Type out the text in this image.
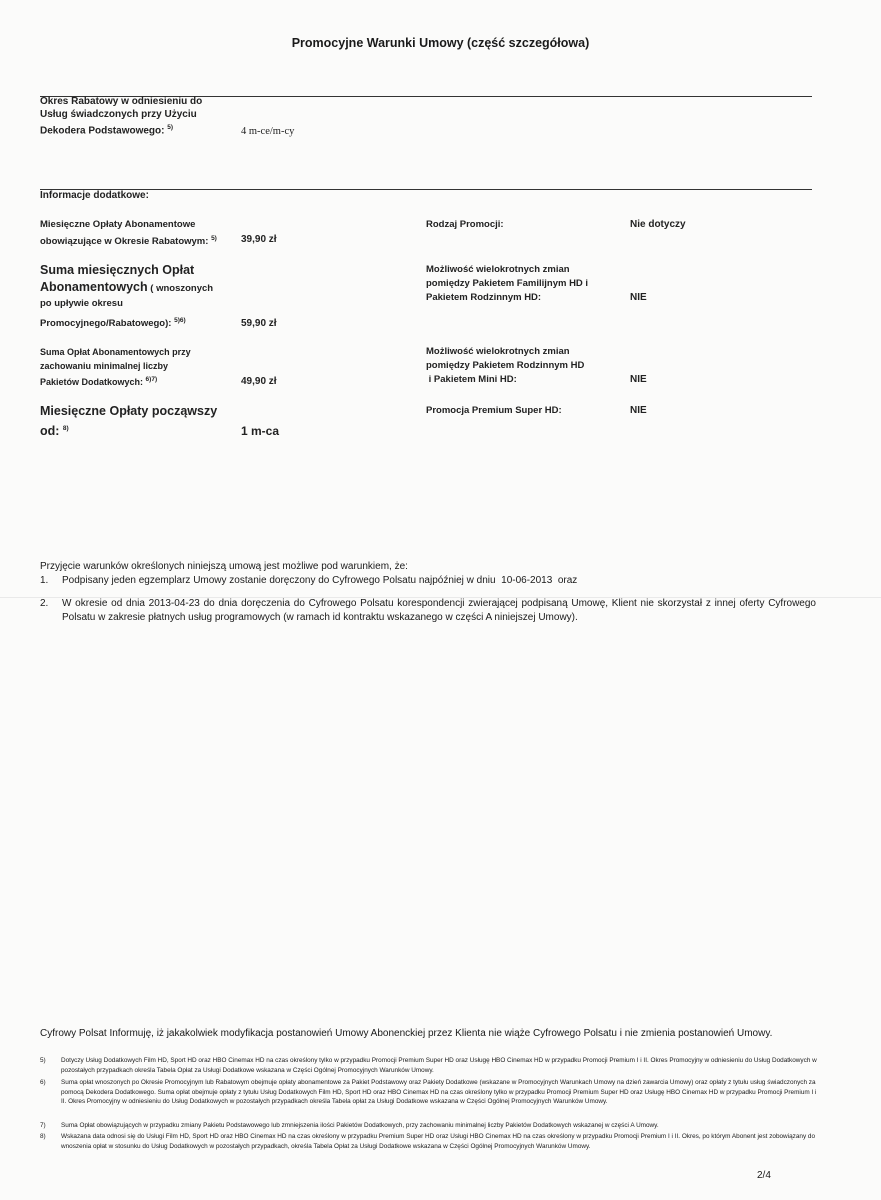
Promocyjne Warunki Umowy (część szczegółowa)
Okres Rabatowy w odniesieniu do
Usług świadczonych przy Użyciu
Dekodera Podstawowego: $^{5)}$	4 m-ce/m-cy
Informacje dodatkowe:
Miesięczne Opłaty Abonamentowe
obowiązujące w Okresie Rabatowym: $^{5)}$	39,90 zł
Suma miesięcznych Opłat
Abonamentowych ( wnoszonych
po upływie okresu
Promocyjnego/Rabatowego): $^{5)6)}$	59,90 zł
Suma Opłat Abonamentowych przy
zachowaniu minimalnej liczby
Pakietów Dodatkowych: $^{6)7)}$	49,90 zł
Miesięczne Opłaty począwszy
od: $^{8)}$	1 m-ca
Rodzaj Promocji:	Nie dotyczy
Możliwość wielokrotnych zmian
pomiędzy Pakietem Familijnym HD i
Pakietem Rodzinnym HD:	NIE
Możliwość wielokrotnych zmian
pomiędzy Pakietem Rodzinnym HD
i Pakietem Mini HD:	NIE
Promocja Premium Super HD:	NIE
Przyjęcie warunków określonych niniejszą umową jest możliwe pod warunkiem, że:
1.	Podpisany jeden egzemplarz Umowy zostanie doręczony do Cyfrowego Polsatu najpóźniej w dniu  10-06-2013  oraz
2.	W okresie od dnia 2013-04-23 do dnia doręczenia do Cyfrowego Polsatu korespondencji zwierającej podpisaną Umowę, Klient nie skorzystał z innej oferty Cyfrowego Polsatu w zakresie płatnych usług programowych (w ramach id kontraktu wskazanego w części A niniejszej Umowy).
Cyfrowy Polsat Informuję, iż jakakolwiek modyfikacja postanowień Umowy Abonenckiej przez Klienta nie wiąże Cyfrowego Polsatu i nie zmienia postanowień Umowy.
5)	Dotyczy Usług Dodatkowych Film HD, Sport HD oraz HBO Cinemax HD na czas określony tylko w przypadku Promocji Premium Super HD oraz Usługę HBO Cinemax HD w przypadku Promocji Premium I i II. Okres Promocyjny w odniesieniu do Usług Dodatkowych w pozostałych przypadkach określa Tabela Opłat za Usługi Dodatkowe wskazana w Części Ogólnej Promocyjnych Warunków Umowy.
6)	Suma opłat wnoszonych po Okresie Promocyjnym lub Rabatowym obejmuje opłaty abonamentowe za Pakiet Podstawowy oraz Pakiety Dodatkowe (wskazane w Promocyjnych Warunkach Umowy na dzień zawarcia Umowy) oraz opłaty z tytułu usług świadczonych za pomocą Dekodera Dodatkowego. Suma opłat obejmuje opłaty z tytułu Usług Dodatkowych Film HD, Sport HD oraz HBO Cinemax HD na czas określony tylko w przypadku Promocji Premium Super HD oraz Usługę HBO Cinemax HD w przypadku Promocji Premium I i II. Okres Promocyjny w odniesieniu do Usług Dodatkowych w pozostałych przypadkach określa Tabela opłat za Usługi Dodatkowe wskazana w Części Ogólnej Promocyjnych Warunków Umowy.
7)	Suma Opłat obowiązujących w przypadku zmiany Pakietu Podstawowego lub zmniejszenia ilości Pakietów Dodatkowych, przy zachowaniu minimalnej liczby Pakietów Dodatkowych wskazanej w części A Umowy.
8)	Wskazana data odnosi się do Usługi Film HD, Sport HD oraz HBO Cinemax HD na czas określony w przypadku Premium Super HD oraz Usługi HBO Cinemax HD na czas określony w przypadku Promocji Premium I i II. Okres, po którym Abonent jest zobowiązany do wnoszenia opłat w stosunku do Usług Dodatkowych w pozostałych przypadkach, określa Tabela Opłat za Usługi Dodatkowe wskazana w Części Ogólnej Promocyjnych Warunków Umowy.
2/4
